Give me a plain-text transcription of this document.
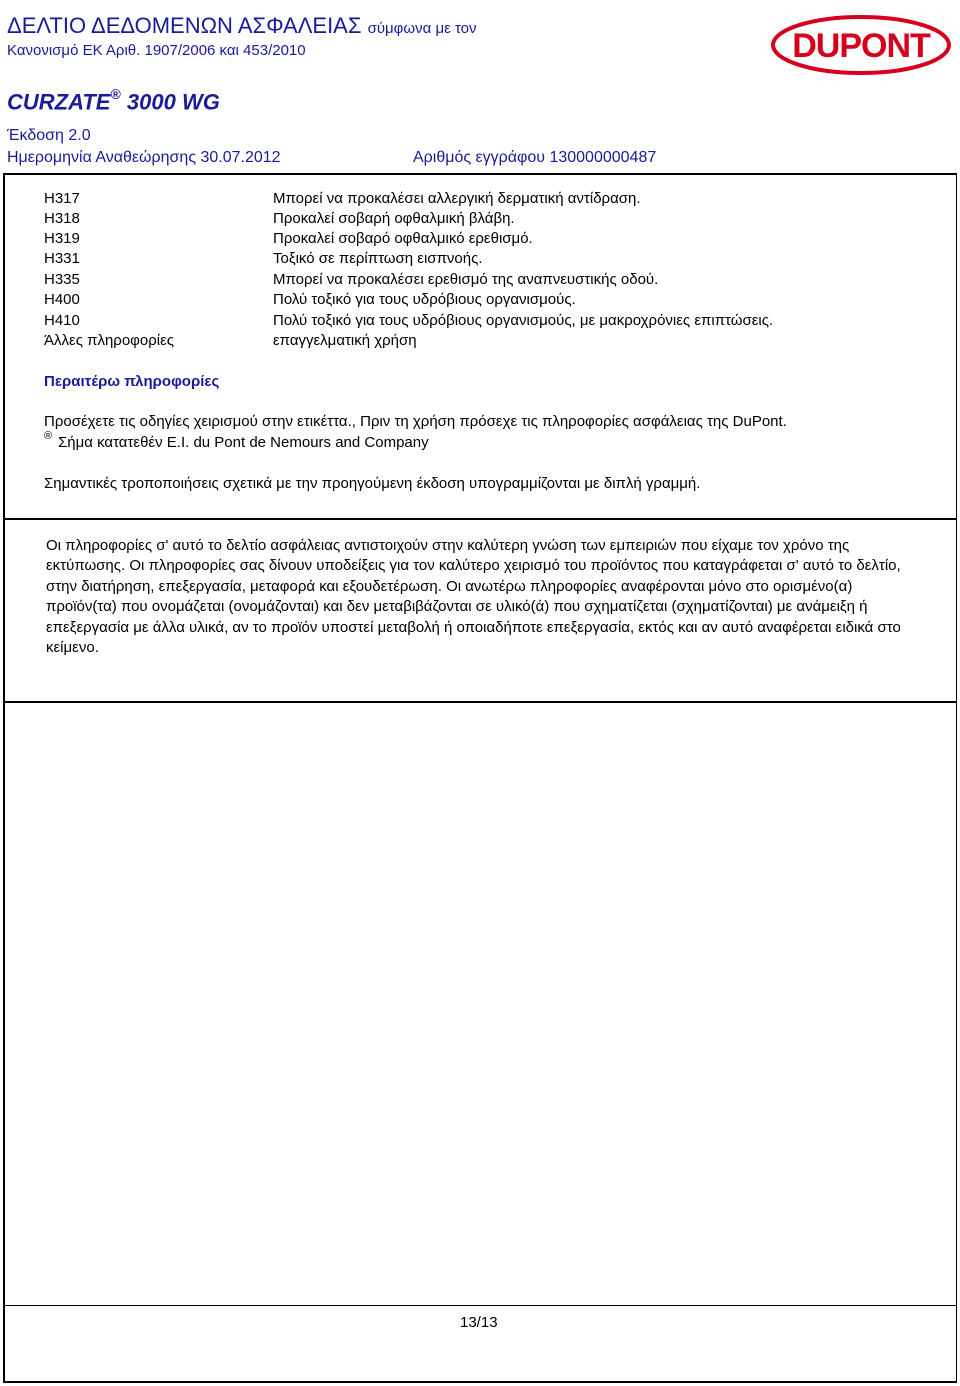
ΔΕΛΤΙΟ ΔΕΔΟΜΕΝΩΝ ΑΣΦΑΛΕΙΑΣ σύμφωνα με τον
Κανονισμό ΕΚ Αριθ. 1907/2006 και 453/2010
CURZATE® 3000 WG
Έκδοση 2.0
Ημερομηνία Αναθεώρησης 30.07.2012	Αριθμός εγγράφου 130000000487
DUPONT
H317	Μπορεί να προκαλέσει αλλεργική δερματική αντίδραση.
H318	Προκαλεί σοβαρή οφθαλμική βλάβη.
H319	Προκαλεί σοβαρό οφθαλμικό ερεθισμό.
H331	Τοξικό σε περίπτωση εισπνοής.
H335	Μπορεί να προκαλέσει ερεθισμό της αναπνευστικής οδού.
H400	Πολύ τοξικό για τους υδρόβιους οργανισμούς.
H410	Πολύ τοξικό για τους υδρόβιους οργανισμούς, με μακροχρόνιες επιπτώσεις.
Άλλες πληροφορίες	επαγγελματική χρήση
Περαιτέρω πληροφορίες
Προσέχετε τις οδηγίες χειρισμού στην ετικέττα., Πριν τη χρήση πρόσεχε τις πληροφορίες ασφάλειας της DuPont.
® Σήμα κατατεθέν E.I. du Pont de Nemours and Company
Σημαντικές τροποποιήσεις σχετικά με την προηγούμενη έκδοση υπογραμμίζονται με διπλή γραμμή.
Οι πληροφορίες σ' αυτό το δελτίο ασφάλειας αντιστοιχούν στην καλύτερη γνώση των εμπειριών που είχαμε τον χρόνο της εκτύπωσης. Οι πληροφορίες σας δίνουν υποδείξεις για τον καλύτερο χειρισμό του προϊόντος που καταγράφεται σ' αυτό το δελτίο, στην διατήρηση, επεξεργασία, μεταφορά και εξουδετέρωση. Οι ανωτέρω πληροφορίες αναφέρονται μόνο στο ορισμένο(α) προϊόν(τα) που ονομάζεται (ονομάζονται) και δεν μεταβιβάζονται σε υλικό(ά) που σχηματίζεται (σχηματίζονται) με ανάμειξη ή επεξεργασία με άλλα υλικά, αν το προϊόν υποστεί μεταβολή ή οποιαδήποτε επεξεργασία, εκτός και αν αυτό αναφέρεται ειδικά στο κείμενο.
13/13
